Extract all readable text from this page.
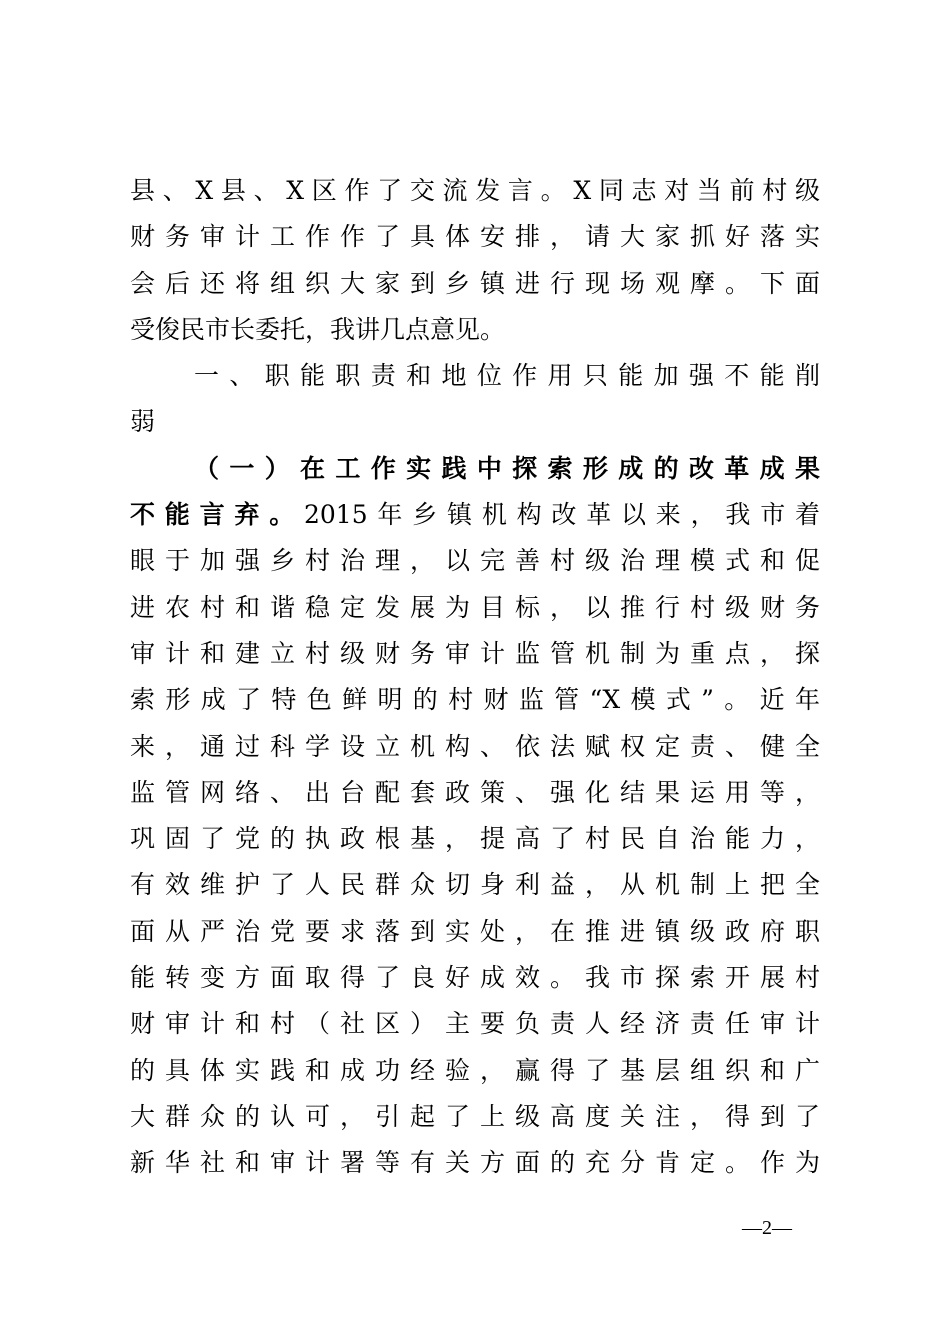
县、X县、X区作了交流发言。X同志对当前村级
财务审计工作作了具体安排，请大家抓好落实
会后还将组织大家到乡镇进行现场观摩。下面
受俊民市长委托，我讲几点意见。
一、职能职责和地位作用只能加强不能削
弱
（一）在工作实践中探索形成的改革成果
不能言弃。2015年乡镇机构改革以来，我市着
眼于加强乡村治理，以完善村级治理模式和促
进农村和谐稳定发展为目标，以推行村级财务
审计和建立村级财务审计监管机制为重点，探
索形成了特色鲜明的村财监管“X模式”。近年
来，通过科学设立机构、依法赋权定责、健全
监管网络、出台配套政策、强化结果运用等，
巩固了党的执政根基，提高了村民自治能力，
有效维护了人民群众切身利益，从机制上把全
面从严治党要求落到实处，在推进镇级政府职
能转变方面取得了良好成效。我市探索开展村
财审计和村（社区）主要负责人经济责任审计
的具体实践和成功经验，赢得了基层组织和广
大群众的认可，引起了上级高度关注，得到了
新华社和审计署等有关方面的充分肯定。作为
—2—
